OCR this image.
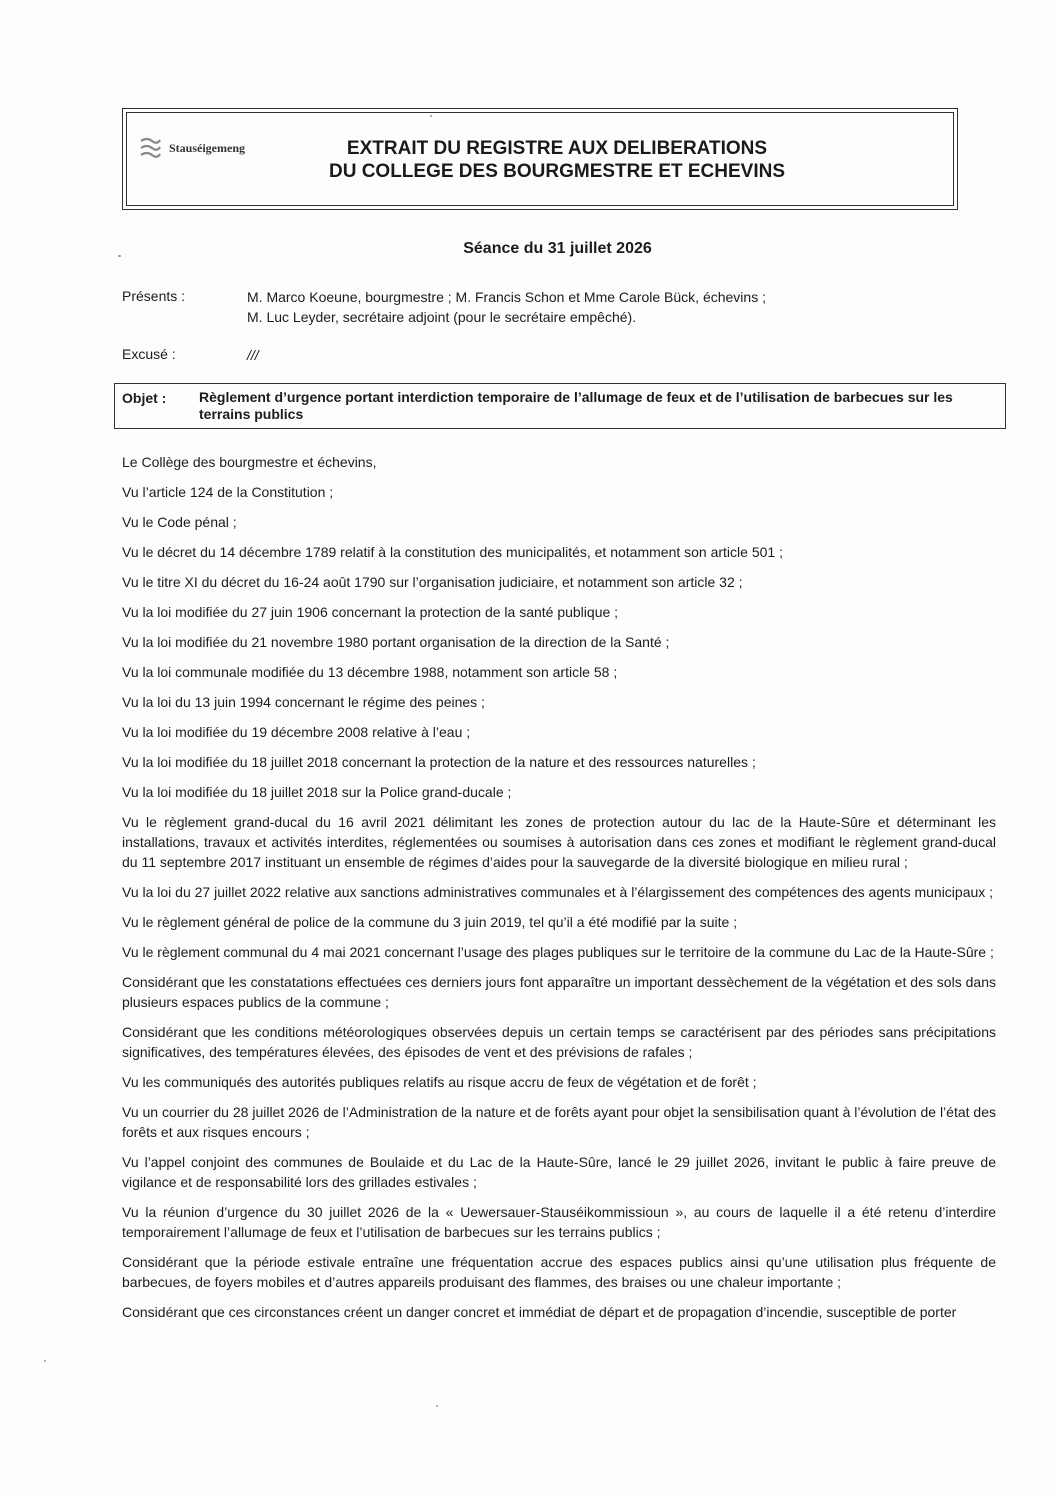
Stauséigemeng	EXTRAIT DU REGISTRE AUX DELIBERATIONS
DU COLLEGE DES BOURGMESTRE ET ECHEVINS
Séance du 31 juillet 2026
Présents :	M. Marco Koeune, bourgmestre ; M. Francis Schon et Mme Carole Bück, échevins ;
M. Luc Leyder, secrétaire adjoint (pour le secrétaire empêché).
Excusé :	///
Objet : Règlement d’urgence portant interdiction temporaire de l’allumage de feux et de l’utilisation de barbecues sur les terrains publics

Le Collège des bourgmestre et échevins,

Vu l’article 124 de la Constitution ;

Vu le Code pénal ;

Vu le décret du 14 décembre 1789 relatif à la constitution des municipalités, et notamment son article 501 ;

Vu le titre XI du décret du 16-24 août 1790 sur l’organisation judiciaire, et notamment son article 32 ;

Vu la loi modifiée du 27 juin 1906 concernant la protection de la santé publique ;

Vu la loi modifiée du 21 novembre 1980 portant organisation de la direction de la Santé ;

Vu la loi communale modifiée du 13 décembre 1988, notamment son article 58 ;

Vu la loi du 13 juin 1994 concernant le régime des peines ;

Vu la loi modifiée du 19 décembre 2008 relative à l’eau ;

Vu la loi modifiée du 18 juillet 2018 concernant la protection de la nature et des ressources naturelles ;

Vu la loi modifiée du 18 juillet 2018 sur la Police grand-ducale ;

Vu le règlement grand-ducal du 16 avril 2021 délimitant les zones de protection autour du lac de la Haute-Sûre et déterminant les installations, travaux et activités interdites, réglementées ou soumises à autorisation dans ces zones et modifiant le règlement grand-ducal du 11 septembre 2017 instituant un ensemble de régimes d’aides pour la sauvegarde de la diversité biologique en milieu rural ;

Vu la loi du 27 juillet 2022 relative aux sanctions administratives communales et à l’élargissement des compétences des agents municipaux ;

Vu le règlement général de police de la commune du 3 juin 2019, tel qu’il a été modifié par la suite ;

Vu le règlement communal du 4 mai 2021 concernant l’usage des plages publiques sur le territoire de la commune du Lac de la Haute-Sûre ;

Considérant que les constatations effectuées ces derniers jours font apparaître un important dessèchement de la végétation et des sols dans plusieurs espaces publics de la commune ;

Considérant que les conditions météorologiques observées depuis un certain temps se caractérisent par des périodes sans précipitations significatives, des températures élevées, des épisodes de vent et des prévisions de rafales ;

Vu les communiqués des autorités publiques relatifs au risque accru de feux de végétation et de forêt ;

Vu un courrier du 28 juillet 2026 de l’Administration de la nature et de forêts ayant pour objet la sensibilisation quant à l’évolution de l’état des forêts et aux risques encours ;

Vu l’appel conjoint des communes de Boulaide et du Lac de la Haute-Sûre, lancé le 29 juillet 2026, invitant le public à faire preuve de vigilance et de responsabilité lors des grillades estivales ;

Vu la réunion d’urgence du 30 juillet 2026 de la « Uewersauer-Stauséikommissioun », au cours de laquelle il a été retenu d’interdire temporairement l’allumage de feux et l’utilisation de barbecues sur les terrains publics ;

Considérant que la période estivale entraîne une fréquentation accrue des espaces publics ainsi qu’une utilisation plus fréquente de barbecues, de foyers mobiles et d’autres appareils produisant des flammes, des braises ou une chaleur importante ;

Considérant que ces circonstances créent un danger concret et immédiat de départ et de propagation d’incendie, susceptible de porter
